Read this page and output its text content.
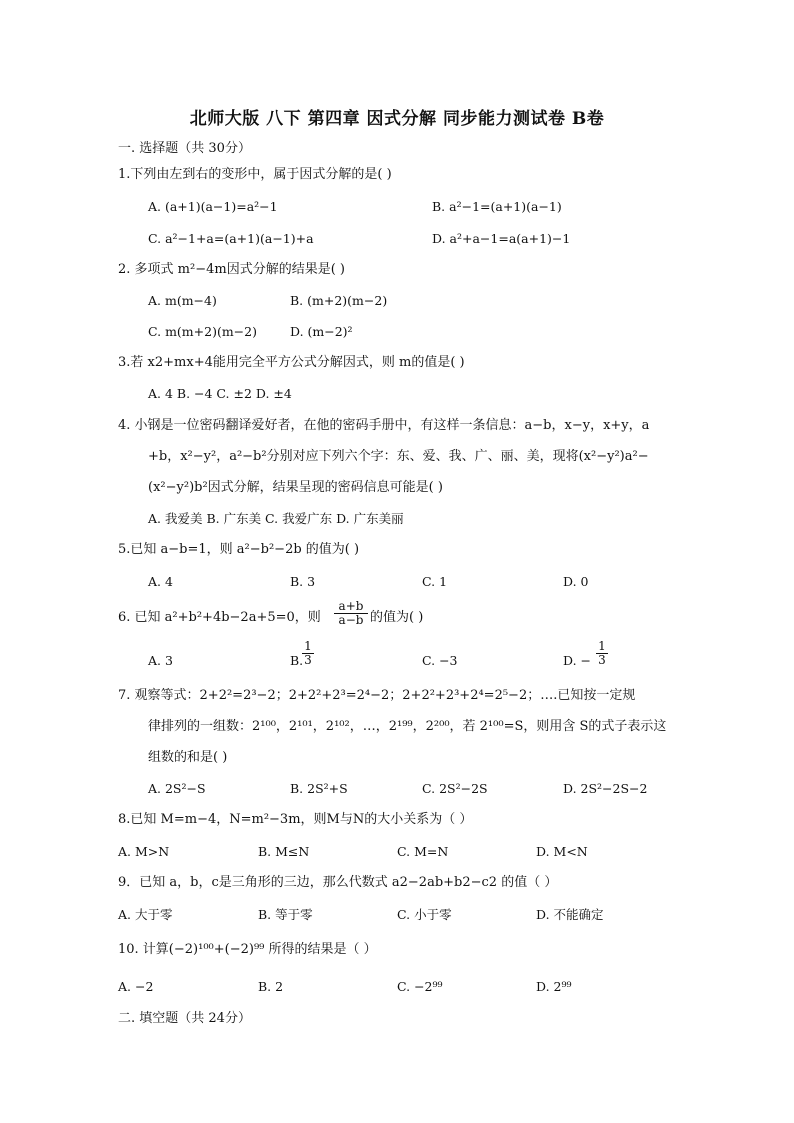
北师大版 八下 第四章 因式分解 同步能力测试卷 B卷
一. 选择题（共 30分）
1.下列由左到右的变形中，属于因式分解的是( )
A. (a+1)(a−1)=a²−1	B. a²−1=(a+1)(a−1)
C. a²−1+a=(a+1)(a−1)+a	D. a²+a−1=a(a+1)−1
2. 多项式 m²−4m因式分解的结果是( )
A. m(m−4)	B. (m+2)(m−2)
C. m(m+2)(m−2)	D. (m−2)²
3.若 x2+mx+4能用完全平方公式分解因式，则 m的值是( )
A. 4 B. −4 C. ±2 D. ±4
4. 小钢是一位密码翻译爱好者，在他的密码手册中，有这样一条信息：a−b，x−y，x+y，a
+b，x²−y²，a²−b²分别对应下列六个字：东、爱、我、广、丽、美，现将(x²−y²)a²−
(x²−y²)b²因式分解，结果呈现的密码信息可能是( )
A. 我爱美 B. 广东美 C. 我爱广东 D. 广东美丽
5.已知 a−b=1，则 a²−b²−2b 的值为( )
A. 4	B. 3	C. 1	D. 0
6. 已知 a²+b²+4b−2a+5=0，则
a+b
a−b 的值为( )
A. 3	B.
1
3	C. −3	D. −
1
3
7. 观察等式：2+2²=2³−2；2+2²+2³=2⁴−2；2+2²+2³+2⁴=2⁵−2；….已知按一定规
律排列的一组数：2¹⁰⁰，2¹⁰¹，2¹⁰²，…，2¹⁹⁹，2²⁰⁰，若 2¹⁰⁰=S，则用含 S的式子表示这
组数的和是( )
A. 2S²−S	B. 2S²+S	C. 2S²−2S	D. 2S²−2S−2
8.已知 M=m−4，N=m²−3m，则M与N的大小关系为（ ）
A. M>N	B. M≤N	C. M=N	D. M<N
9．已知 a，b，c是三角形的三边，那么代数式 a2−2ab+b2−c2 的值（ ）
A. 大于零	B. 等于零	C. 小于零	D. 不能确定
10. 计算(−2)¹⁰⁰+(−2)⁹⁹ 所得的结果是（ ）
A. −2	B. 2	C. −2⁹⁹	D. 2⁹⁹
二. 填空题（共 24分）
